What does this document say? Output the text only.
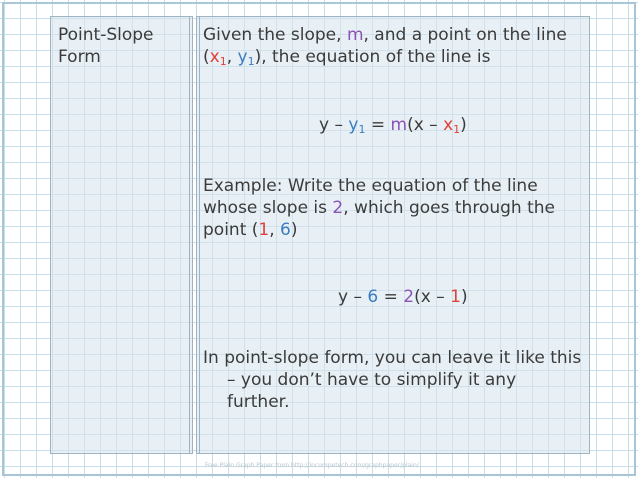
Point-Slope
Form
Given the slope, m, and a point on the line
($x_1$, $y_1$), the equation of the line is
$y - y_1 = m(x - x_1)$
Example: Write the equation of the line
whose slope is 2, which goes through the
point (1, 6)
y – 6 = 2(x – 1)
In point-slope form, you can leave it like this
– you don’t have to simplify it any
further.
Free Plain Graph Paper from http://incompetech.com/graphpaper/plain/
